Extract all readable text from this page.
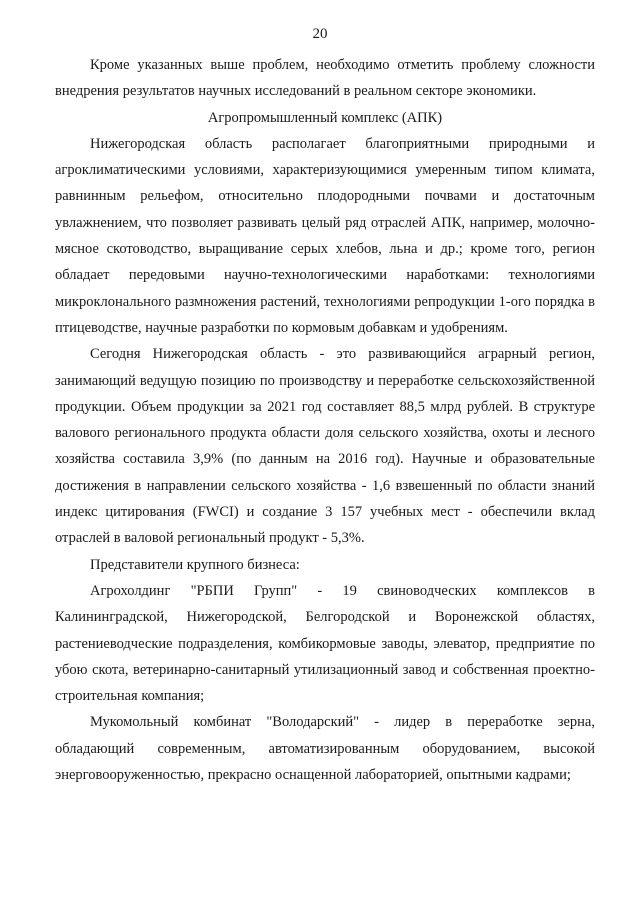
20

Кроме указанных выше проблем, необходимо отметить проблему сложности внедрения результатов научных иcследований в реальном секторе экономики.

Агропромышленный комплекс (АПК)

Нижегородская область располагает благоприятными природными и агроклиматическими условиями, характеризующимися умеренным типом климата, равнинным рельефом, относительно плодородными почвами и достаточным увлажнением, что позволяет развивать целый ряд отраслей АПК, например, молочно-мясное скотоводство, выращивание серых хлебов, льна и др.; кроме того, регион обладает передовыми научно-технологическими наработками: технологиями микроклонального размножения растений, технологиями репродукции 1-ого порядка в птицеводстве, научные разработки по кормовым добавкам и удобрениям.

Сегодня Нижегородская область - это развивающийся аграрный регион, занимающий ведущую позицию по производству и переработке сельскохозяйственной продукции. Объем продукции за 2021 год составляет 88,5 млрд рублей. В структуре валового регионального продукта области доля сельского хозяйства, охоты и лесного хозяйства составила 3,9% (по данным на 2016 год). Научные и образовательные достижения в направлении сельского хозяйства - 1,6 взвешенный по области знаний индекс цитирования (FWCI) и создание 3 157 учебных мест - обеспечили вклад отраслей в валовой региональный продукт - 5,3%.

Представители крупного бизнеса:

Агрохолдинг "РБПИ Групп" - 19 свиноводческих комплексов в Калининградской, Нижегородской, Белгородской и Воронежской областях, растениеводческие подразделения, комбикормовые заводы, элеватор, предприятие по убою скота, ветеринарно-санитарный утилизационный завод и собственная проектно-строительная компания;

Мукомольный комбинат "Володарский" - лидер в переработке зерна, обладающий современным, автоматизированным оборудованием, высокой энерговооруженностью, прекрасно оснащенной лабораторией, опытными кадрами;
